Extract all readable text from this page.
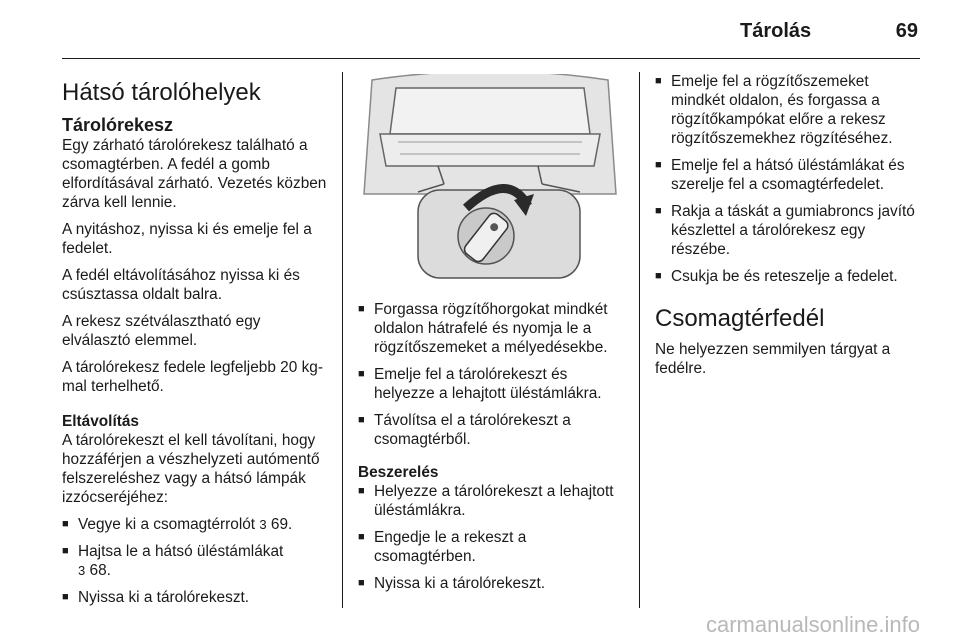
Tárolás	69
Hátsó tárolóhelyek
Tárolórekesz

Egy zárható tárolórekesz található a csomagtérben. A fedél a gomb elfordításával zárható. Vezetés közben zárva kell lennie.

A nyitáshoz, nyissa ki és emelje fel a fedelet.

A fedél eltávolításához nyissa ki és csúsztassa oldalt balra.

A rekesz szétválasztható egy elválasztó elemmel.

A tárolórekesz fedele legfeljebb 20 kg-mal terhelhető.

Eltávolítás

A tárolórekeszt el kell távolítani, hogy hozzáférjen a vészhelyzeti autómentő felszereléshez vagy a hátsó lámpák izzócseréjéhez:

■ Vegye ki a csomagtérrolót 3 69.
■ Hajtsa le a hátsó üléstámlákat
3 68.
■ Nyissa ki a tárolórekeszt.
■ Forgassa rögzítőhorgokat mindkét oldalon hátrafelé és nyomja le a rögzítőszemeket a mélyedésekbe.
■ Emelje fel a tárolórekeszt és helyezze a lehajtott üléstámlákra.
■ Távolítsa el a tárolórekeszt a csomagtérből.
Beszerelés
■ Helyezze a tárolórekeszt a lehajtott üléstámlákra.
■ Engedje le a rekeszt a csomagtérben.
■ Nyissa ki a tárolórekeszt.
■ Emelje fel a rögzítőszemeket mindkét oldalon, és forgassa a rögzítőkampókat előre a rekesz rögzítőszemekhez rögzítéséhez.
■ Emelje fel a hátsó üléstámlákat és szerelje fel a csomagtérfedelet.
■ Rakja a táskát a gumiabroncs javító készlettel a tárolórekesz egy részébe.
■ Csukja be és reteszelje a fedelet.
Csomagtérfedél

Ne helyezzen semmilyen tárgyat a fedélre.

carmanualsonline.info
